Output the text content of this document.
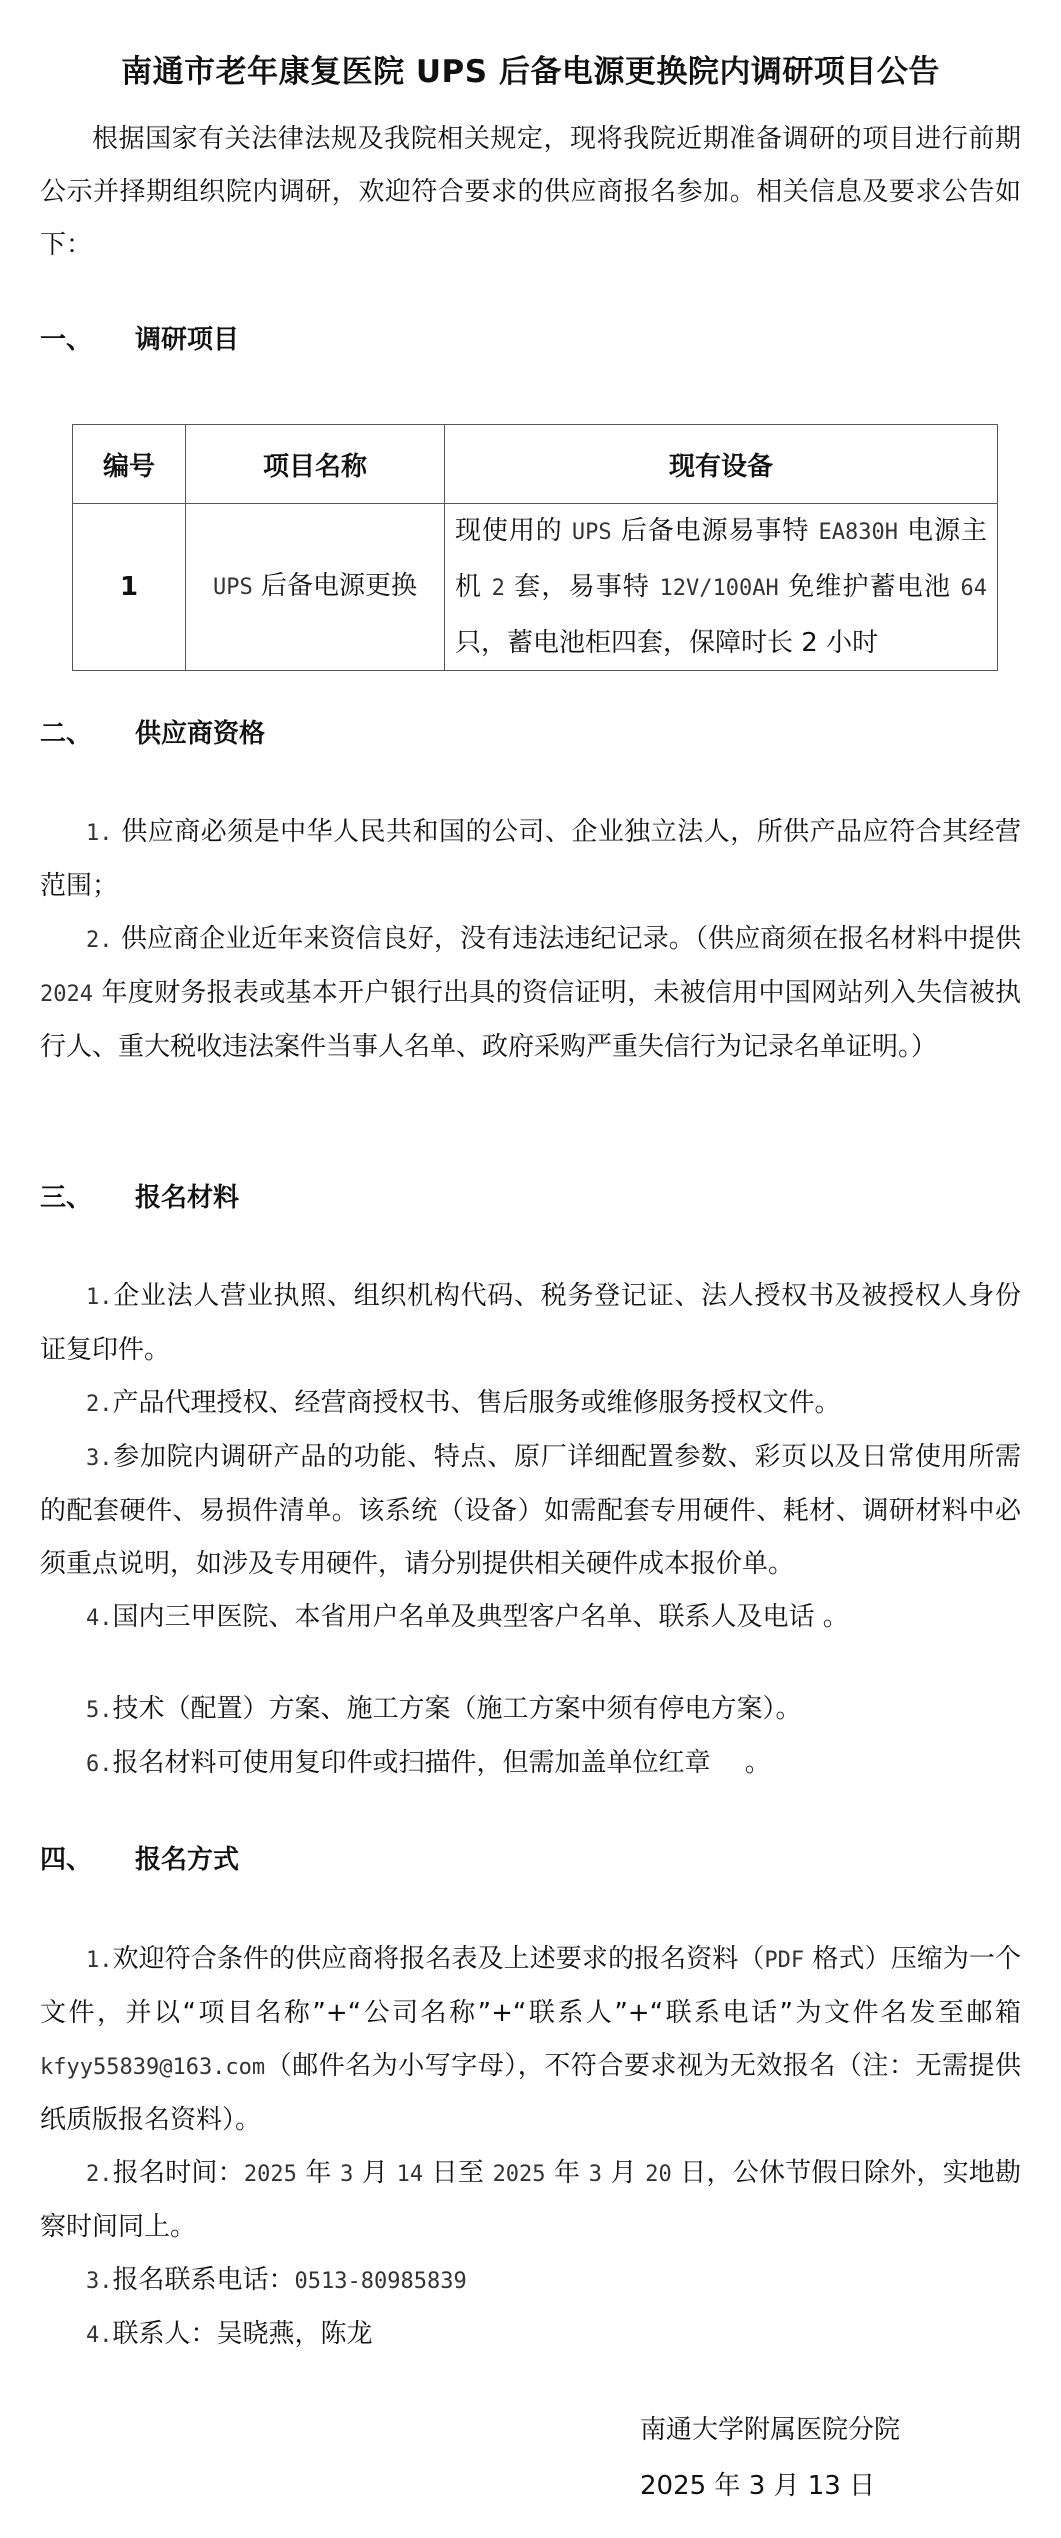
南通市老年康复医院 UPS 后备电源更换院内调研项目公告

根据国家有关法律法规及我院相关规定，现将我院近期准备调研的项目进行前期公示并择期组织院内调研，欢迎符合要求的供应商报名参加。相关信息及要求公告如下：

一、 调研项目
编号	项目名称	现有设备
1	UPS 后备电源更换	现使用的 UPS 后备电源易事特 EA830H 电源主机 2 套，易事特 12V/100AH 免维护蓄电池 64 只，蓄电池柜四套，保障时长 2 小时
二、 供应商资格

1. 供应商必须是中华人民共和国的公司、企业独立法人，所供产品应符合其经营范围；

2. 供应商企业近年来资信良好，没有违法违纪记录。（供应商须在报名材料中提供 2024 年度财务报表或基本开户银行出具的资信证明，未被信用中国网站列入失信被执行人、重大税收违法案件当事人名单、政府采购严重失信行为记录名单证明。）

三、 报名材料

1.企业法人营业执照、组织机构代码、税务登记证、法人授权书及被授权人身份证复印件。

2.产品代理授权、经营商授权书、售后服务或维修服务授权文件。

3.参加院内调研产品的功能、特点、原厂详细配置参数、彩页以及日常使用所需的配套硬件、易损件清单。该系统（设备）如需配套专用硬件、耗材、调研材料中必须重点说明，如涉及专用硬件，请分别提供相关硬件成本报价单。

4.国内三甲医院、本省用户名单及典型客户名单、联系人及电话 。

5.技术（配置）方案、施工方案（施工方案中须有停电方案）。

6.报名材料可使用复印件或扫描件，但需加盖单位红章　 。

四、 报名方式

1.欢迎符合条件的供应商将报名表及上述要求的报名资料（PDF 格式）压缩为一个文件，并以“项目名称”+“公司名称”+“联系人”+“联系电话”为文件名发至邮箱 kfyy55839@163.com（邮件名为小写字母），不符合要求视为无效报名（注：无需提供纸质版报名资料）。

2.报名时间：2025 年 3 月 14 日至 2025 年 3 月 20 日，公休节假日除外，实地勘察时间同上。

3.报名联系电话：0513-80985839

4.联系人：吴晓燕，陈龙

南通大学附属医院分院
2025 年 3 月 13 日
